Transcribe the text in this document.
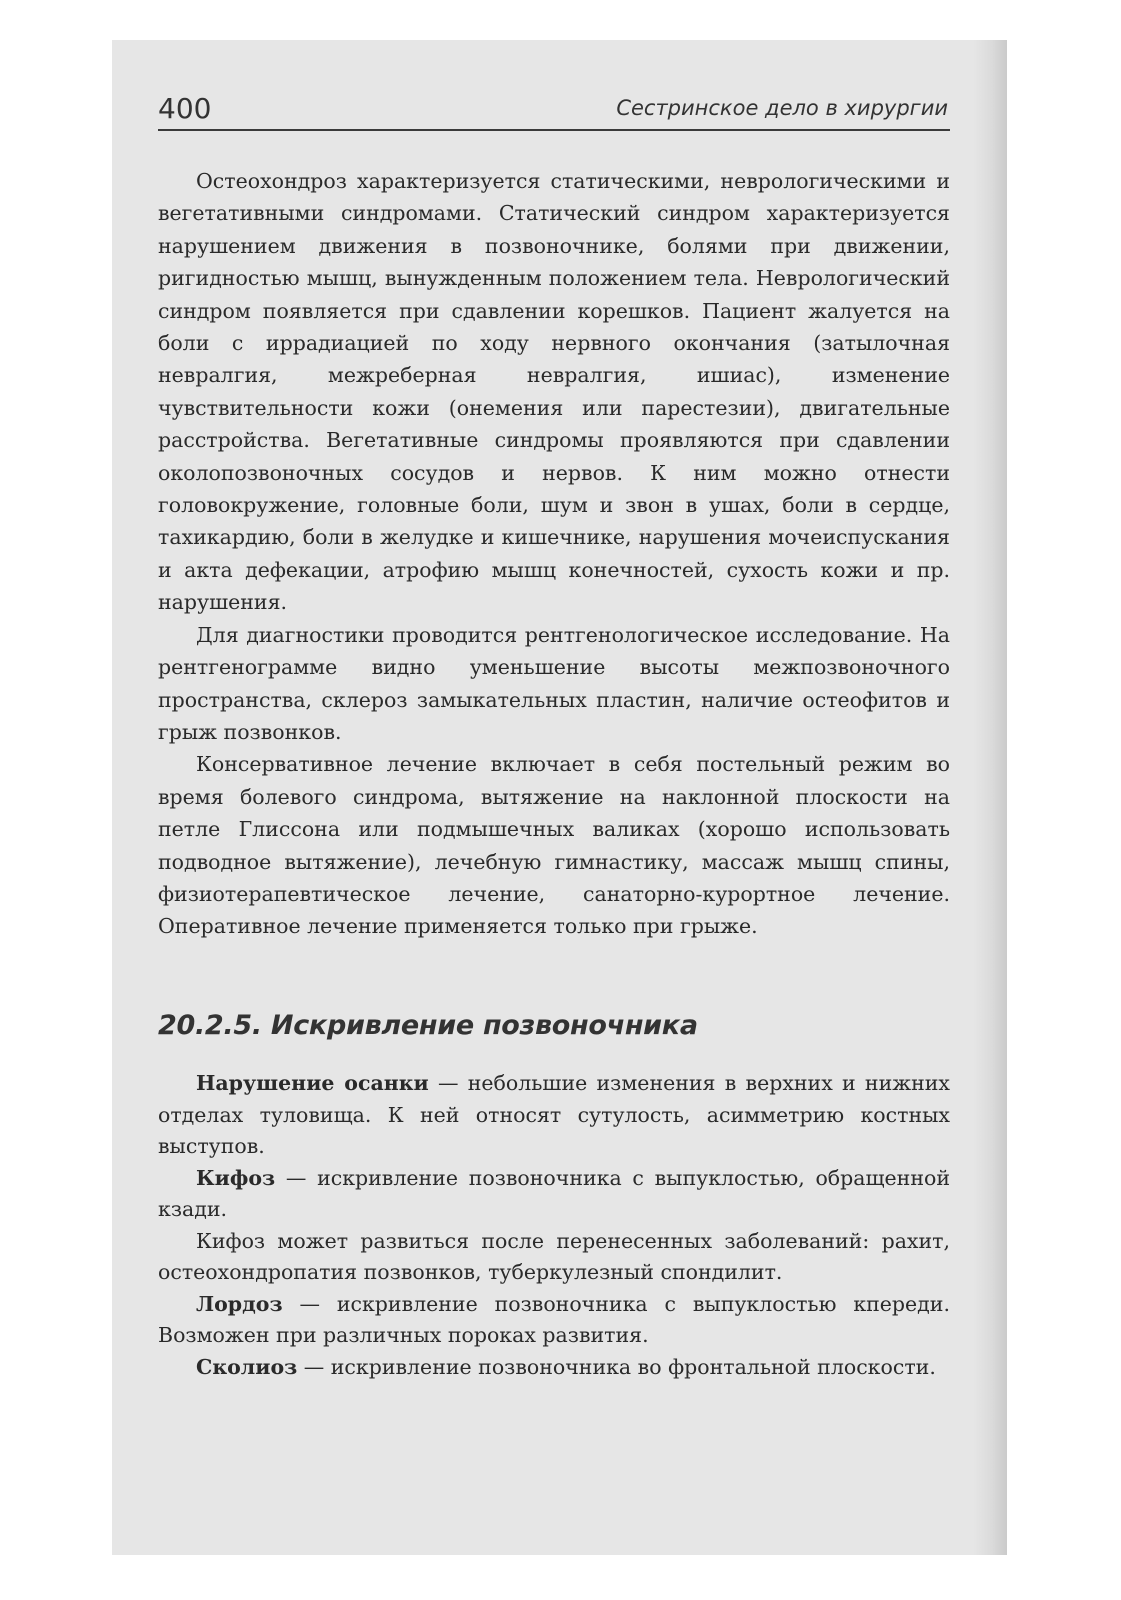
400	Сестринское дело в хирургии

Остеохондроз характеризуется статическими, неврологическими и вегетативными синдромами. Статический синдром характеризуется нарушением движения в позвоночнике, болями при движении, ригидностью мышц, вынужденным положением тела. Неврологический синдром появляется при сдавлении корешков. Пациент жалуется на боли с иррадиацией по ходу нервного окончания (затылочная невралгия, межреберная невралгия, ишиас), изменение чувствительности кожи (онемения или парестезии), двигательные расстройства. Вегетативные синдромы проявляются при сдавлении околопозвоночных сосудов и нервов. К ним можно отнести головокружение, головные боли, шум и звон в ушах, боли в сердце, тахикардию, боли в желудке и кишечнике, нарушения мочеиспускания и акта дефекации, атрофию мышц конечностей, сухость кожи и пр. нарушения.

Для диагностики проводится рентгенологическое исследование. На рентгенограмме видно уменьшение высоты межпозвоночного пространства, склероз замыкательных пластин, наличие остеофитов и грыж позвонков.

Консервативное лечение включает в себя постельный режим во время болевого синдрома, вытяжение на наклонной плоскости на петле Глиссона или подмышечных валиках (хорошо использовать подводное вытяжение), лечебную гимнастику, массаж мышц спины, физиотерапевтическое лечение, санаторно-курортное лечение. Оперативное лечение применяется только при грыже.

20.2.5. Искривление позвоночника

Нарушение осанки — небольшие изменения в верхних и нижних отделах туловища. К ней относят сутулость, асимметрию костных выступов.

Кифоз — искривление позвоночника с выпуклостью, обращенной кзади.

Кифоз может развиться после перенесенных заболеваний: рахит, остеохондропатия позвонков, туберкулезный спондилит.

Лордоз — искривление позвоночника с выпуклостью кпереди. Возможен при различных пороках развития.

Сколиоз — искривление позвоночника во фронтальной плоскости.
